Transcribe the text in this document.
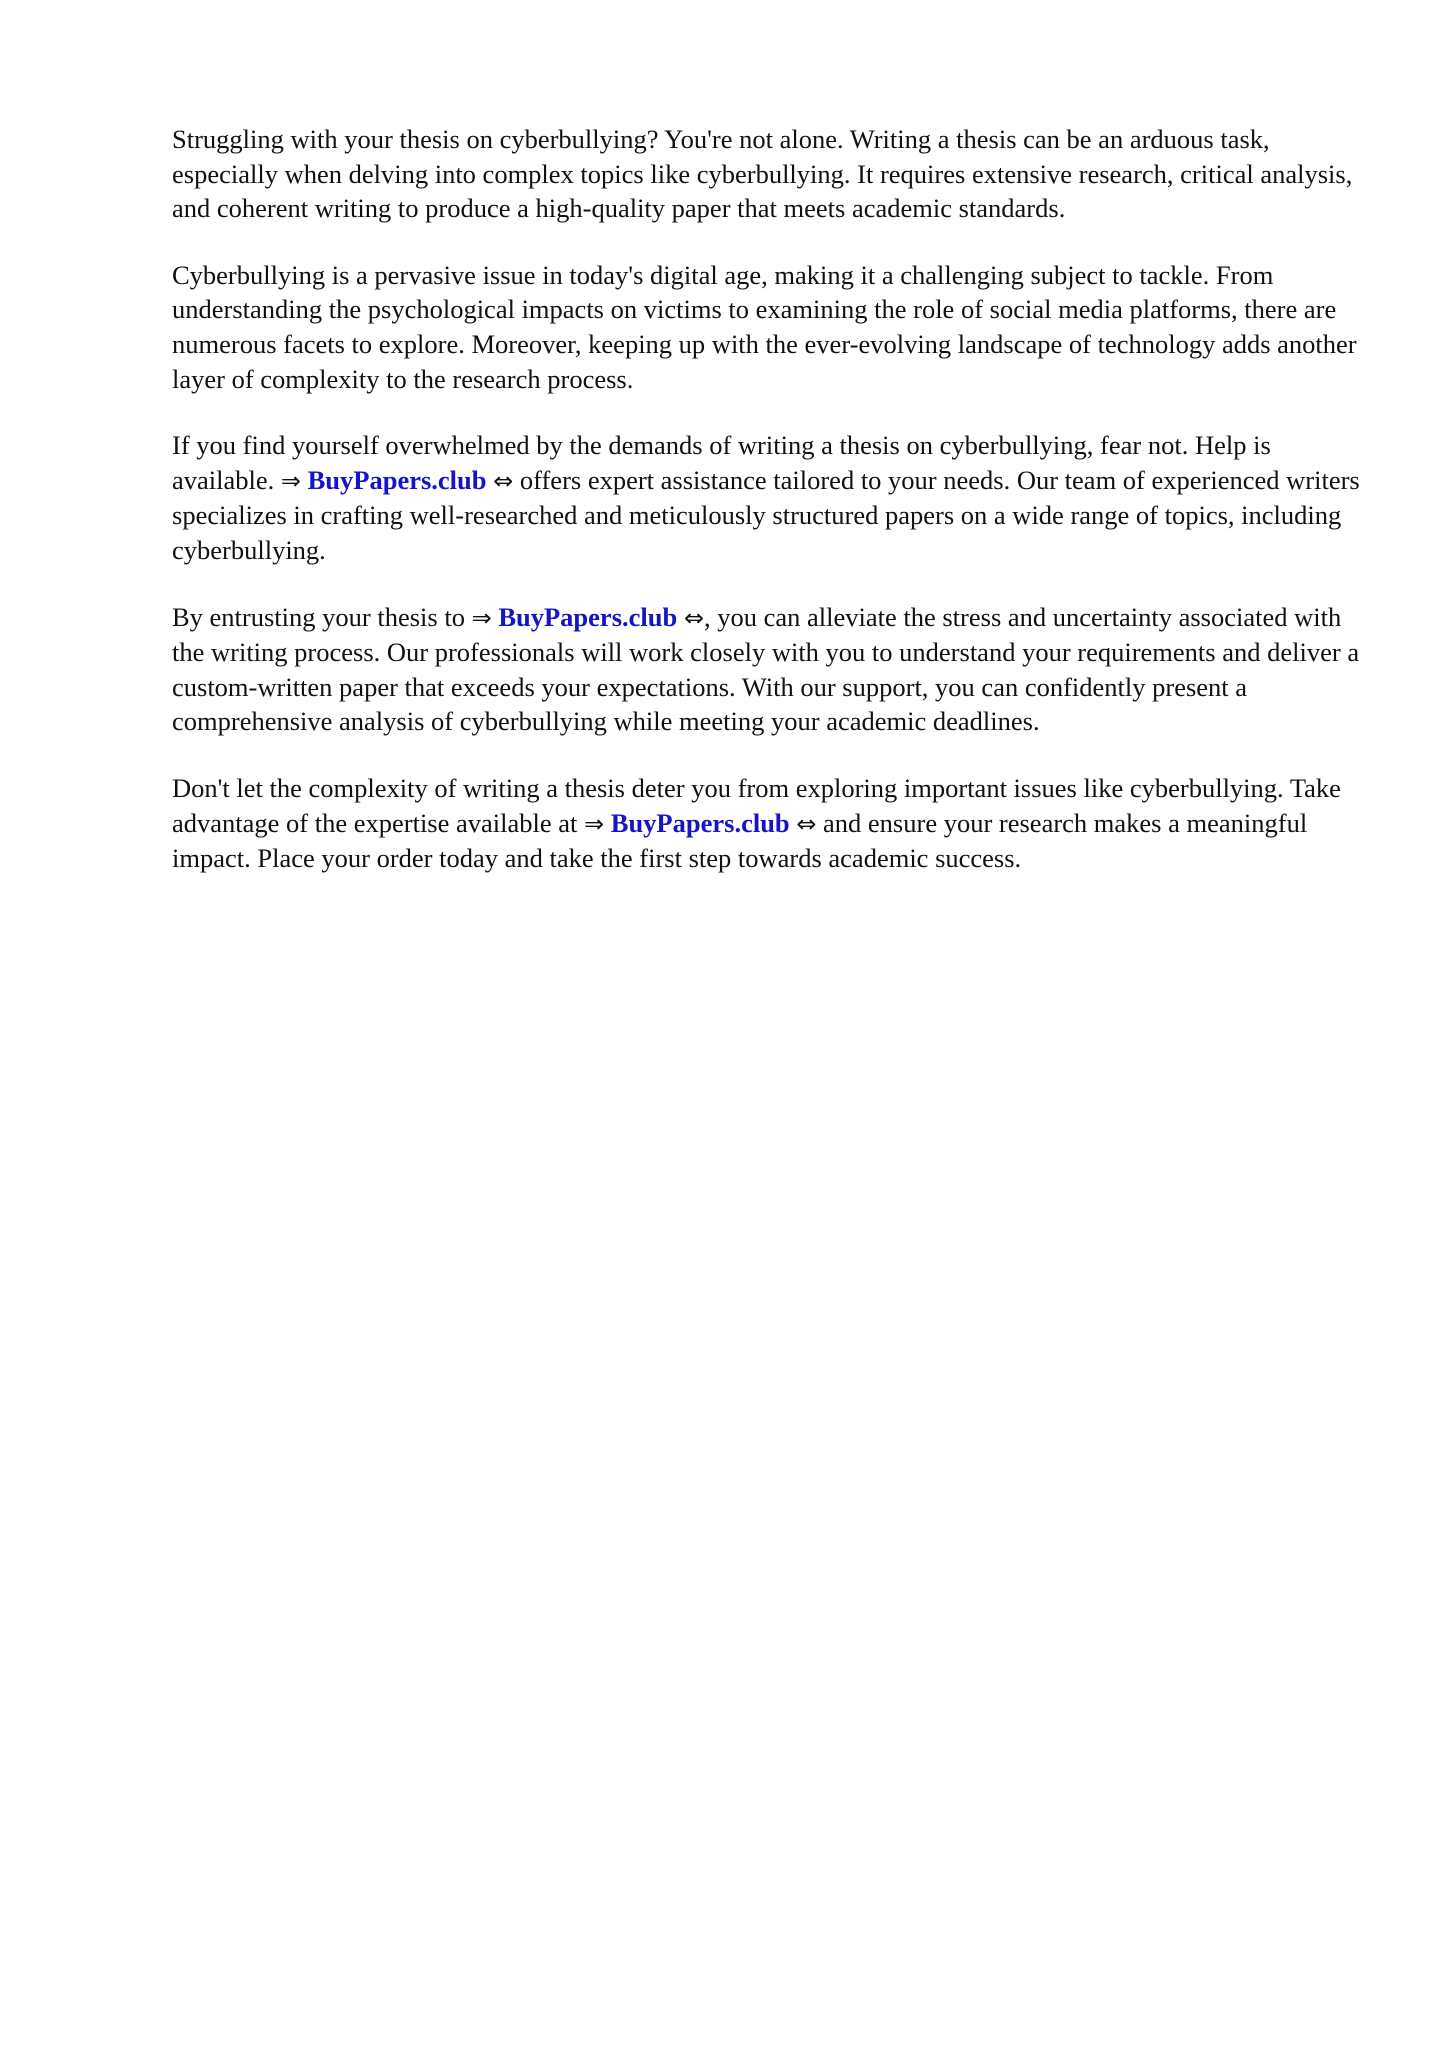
Struggling with your thesis on cyberbullying? You're not alone. Writing a thesis can be an arduous task, especially when delving into complex topics like cyberbullying. It requires extensive research, critical analysis, and coherent writing to produce a high-quality paper that meets academic standards.

Cyberbullying is a pervasive issue in today's digital age, making it a challenging subject to tackle. From understanding the psychological impacts on victims to examining the role of social media platforms, there are numerous facets to explore. Moreover, keeping up with the ever-evolving landscape of technology adds another layer of complexity to the research process.

If you find yourself overwhelmed by the demands of writing a thesis on cyberbullying, fear not. Help is available. ⇒ BuyPapers.club ⇔ offers expert assistance tailored to your needs. Our team of experienced writers specializes in crafting well-researched and meticulously structured papers on a wide range of topics, including cyberbullying.

By entrusting your thesis to ⇒ BuyPapers.club ⇔, you can alleviate the stress and uncertainty associated with the writing process. Our professionals will work closely with you to understand your requirements and deliver a custom-written paper that exceeds your expectations. With our support, you can confidently present a comprehensive analysis of cyberbullying while meeting your academic deadlines.

Don't let the complexity of writing a thesis deter you from exploring important issues like cyberbullying. Take advantage of the expertise available at ⇒ BuyPapers.club ⇔ and ensure your research makes a meaningful impact. Place your order today and take the first step towards academic success.
